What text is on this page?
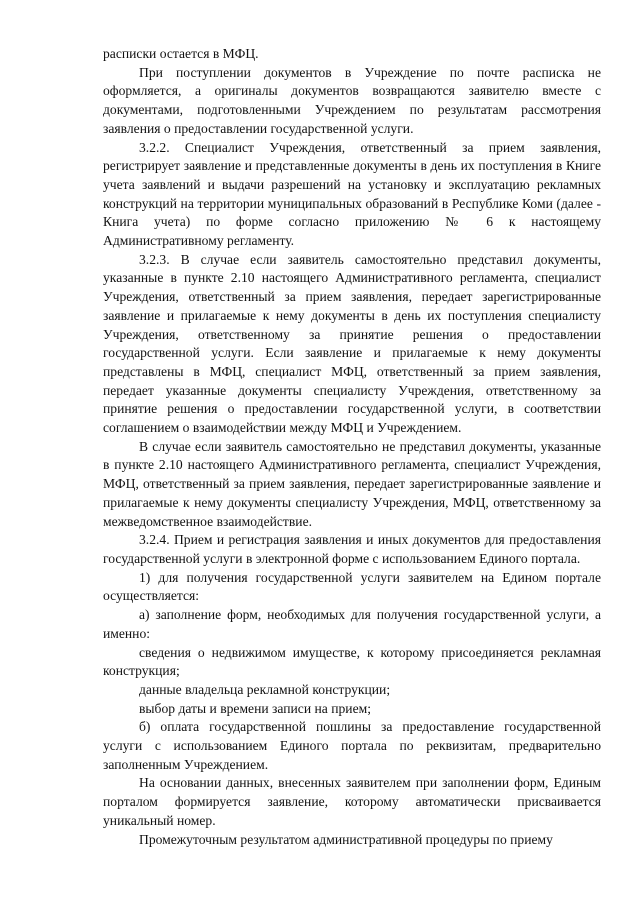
расписки остается в МФЦ.

При поступлении документов в Учреждение по почте расписка не оформляется, а оригиналы документов возвращаются заявителю вместе с документами, подготовленными Учреждением по результатам рассмотрения заявления о предоставлении государственной услуги.

3.2.2. Специалист Учреждения, ответственный за прием заявления, регистрирует заявление и представленные документы в день их поступления в Книге учета заявлений и выдачи разрешений на установку и эксплуатацию рекламных конструкций на территории муниципальных образований в Республике Коми (далее - Книга учета) по форме согласно приложению № 6 к настоящему Административному регламенту.

3.2.3. В случае если заявитель самостоятельно представил документы, указанные в пункте 2.10 настоящего Административного регламента, специалист Учреждения, ответственный за прием заявления, передает зарегистрированные заявление и прилагаемые к нему документы в день их поступления специалисту Учреждения, ответственному за принятие решения о предоставлении государственной услуги. Если заявление и прилагаемые к нему документы представлены в МФЦ, специалист МФЦ, ответственный за прием заявления, передает указанные документы специалисту Учреждения, ответственному за принятие решения о предоставлении государственной услуги, в соответствии соглашением о взаимодействии между МФЦ и Учреждением.

В случае если заявитель самостоятельно не представил документы, указанные в пункте 2.10 настоящего Административного регламента, специалист Учреждения, МФЦ, ответственный за прием заявления, передает зарегистрированные заявление и прилагаемые к нему документы специалисту Учреждения, МФЦ, ответственному за межведомственное взаимодействие.

3.2.4. Прием и регистрация заявления и иных документов для предоставления государственной услуги в электронной форме с использованием Единого портала.

1) для получения государственной услуги заявителем на Едином портале осуществляется:

а) заполнение форм, необходимых для получения государственной услуги, а именно:

сведения о недвижимом имуществе, к которому присоединяется рекламная конструкция;

данные владельца рекламной конструкции;

выбор даты и времени записи на прием;

б) оплата государственной пошлины за предоставление государственной услуги с использованием Единого портала по реквизитам, предварительно заполненным Учреждением.

На основании данных, внесенных заявителем при заполнении форм, Единым порталом формируется заявление, которому автоматически присваивается уникальный номер.

Промежуточным результатом административной процедуры по приему
